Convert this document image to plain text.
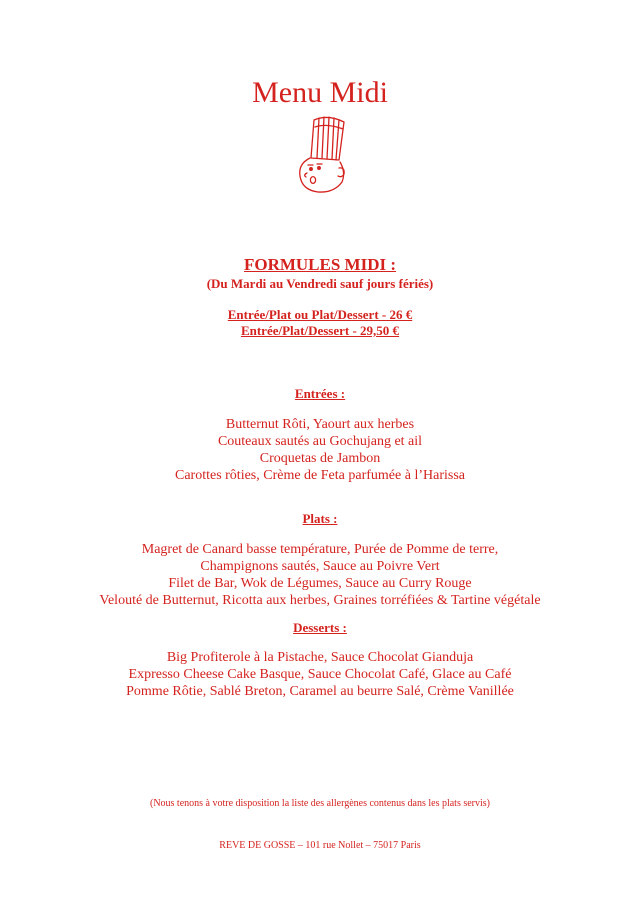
Menu Midi
FORMULES MIDI :
(Du Mardi au Vendredi sauf jours fériés)
Entrée/Plat ou Plat/Dessert - 26 €
Entrée/Plat/Dessert - 29,50 €
Entrées :
Butternut Rôti, Yaourt aux herbes
Couteaux sautés au Gochujang et ail
Croquetas de Jambon
Carottes rôties, Crème de Feta parfumée à l’Harissa
Plats :
Magret de Canard basse température, Purée de Pomme de terre,
Champignons sautés, Sauce au Poivre Vert
Filet de Bar, Wok de Légumes, Sauce au Curry Rouge
Velouté de Butternut, Ricotta aux herbes, Graines torréfiées & Tartine végétale
Desserts :
Big Profiterole à la Pistache, Sauce Chocolat Gianduja
Expresso Cheese Cake Basque, Sauce Chocolat Café, Glace au Café
Pomme Rôtie, Sablé Breton, Caramel au beurre Salé, Crème Vanillée
(Nous tenons à votre disposition la liste des allergènes contenus dans les plats servis)
REVE DE GOSSE – 101 rue Nollet – 75017 Paris
